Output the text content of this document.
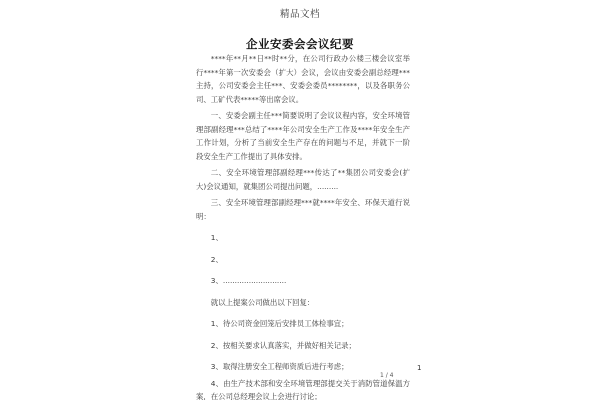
精品文档
企业安委会会议纪要

****年**月**日**时**分，在公司行政办公楼三楼会议室举行****年第一次安委会（扩大）会议，会议由安委会副总经理***主持，公司安委会主任***、安委会委员********，以及各职务公司、工矿代表*****等出席会议。

一、安委会副主任***简要说明了会议议程内容，安全环境管理部副经理***总结了****年公司安全生产工作及****年安全生产工作计划，分析了当前安全生产存在的问题与不足，并就下一阶段安全生产工作提出了具体安排。

二、安全环境管理部副经理***传达了**集团公司安委会(扩大)会议通知，就集团公司提出问题，.........

三、安全环境管理部副经理***就****年安全、环保天道行说明：

1、

2、

3、...........................

就以上提案公司做出以下回复：

1、待公司资金回笼后安排员工体检事宜；

2、按相关要求认真落实，并做好相关记录；

3、取得注册安全工程师资质后进行考虑；

4、由生产技术部和安全环境管理部提交关于消防管道保温方案，在公司总经理会议上会进行讨论；

1 / 4
1
